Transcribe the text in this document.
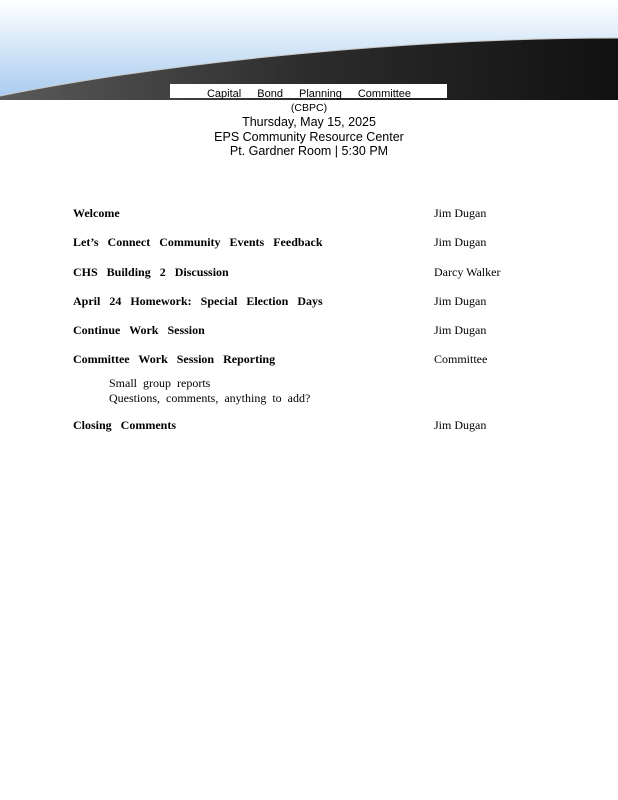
Capital Bond Planning Committee
(CBPC)
Thursday, May 15, 2025
EPS Community Resource Center
Pt. Gardner Room | 5:30 PM
Welcome	Jim Dugan
Let’s Connect Community Events Feedback	Jim Dugan
CHS Building 2 Discussion	Darcy Walker
April 24 Homework: Special Election Days	Jim Dugan
Continue Work Session	Jim Dugan
Committee Work Session Reporting	Committee
Small group reports
Questions, comments, anything to add?
Closing Comments	Jim Dugan
